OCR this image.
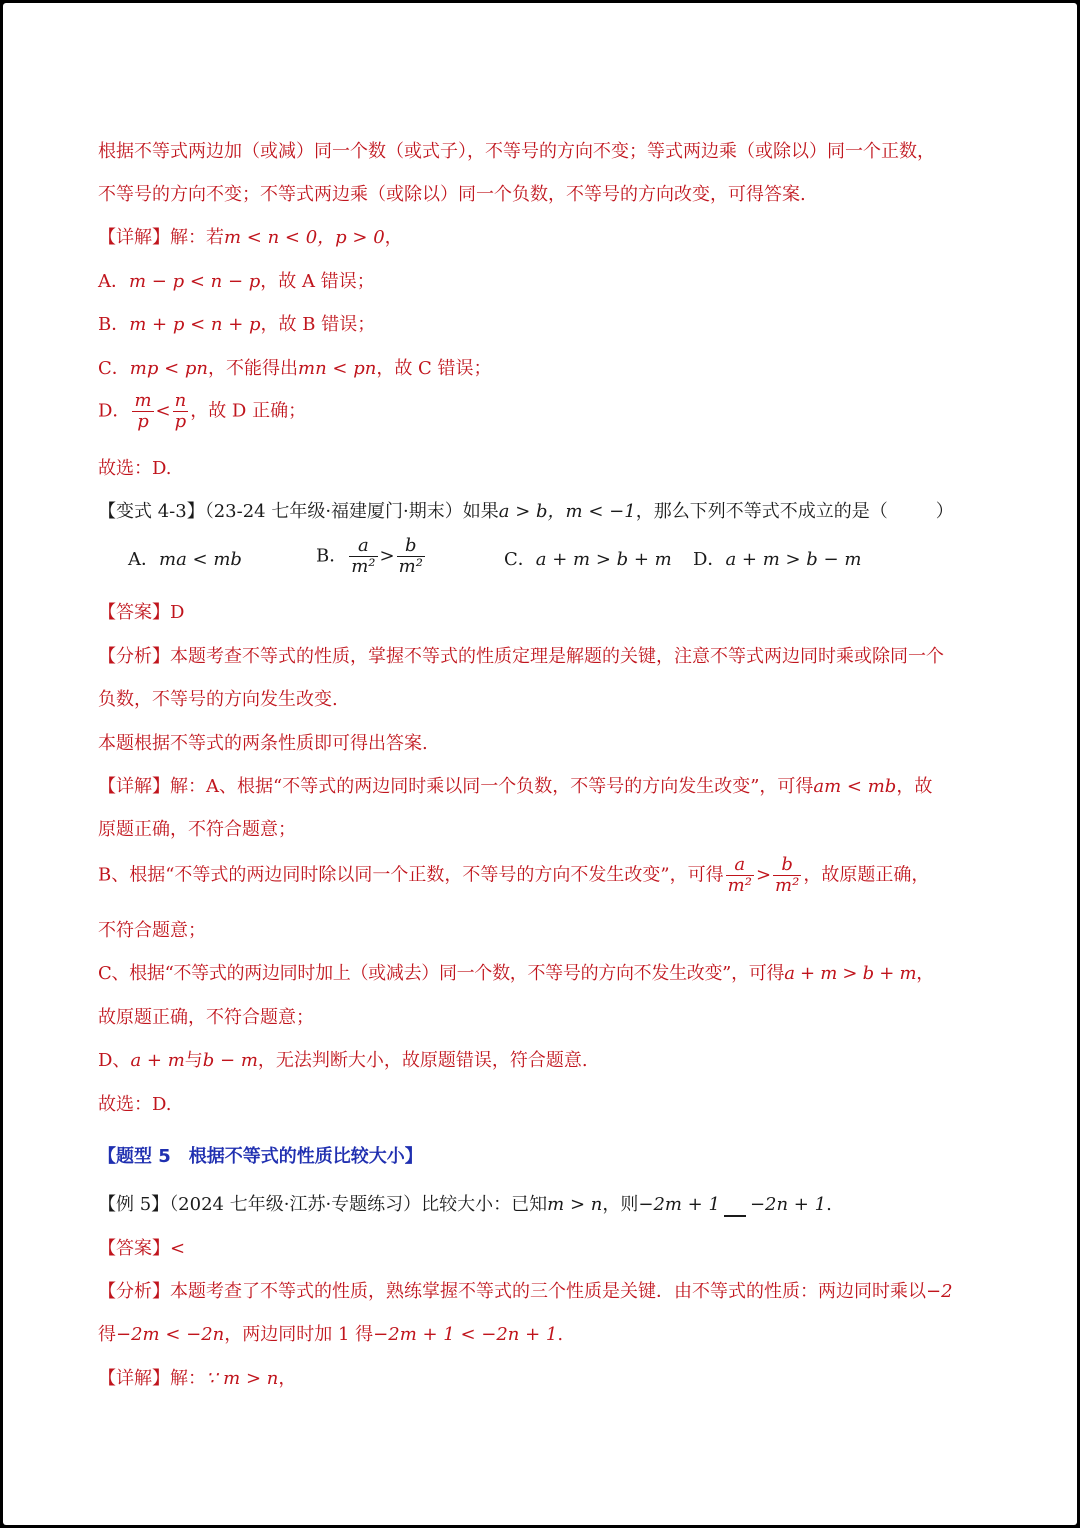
根据不等式两边加（或减）同一个数（或式子），不等号的方向不变；等式两边乘（或除以）同一个正数，
不等号的方向不变；不等式两边乘（或除以）同一个负数，不等号的方向改变，可得答案.
【详解】解：若m < n < 0，p > 0，
A．m − p < n − p，故 A 错误；
B．m + p < n + p，故 B 错误；
C．mp < pn，不能得出mn < pn，故 C 错误；
D． $\frac{m}{p} < \frac{n}{p}$ ，故 D 正确；
故选：D.
【变式 4-3】（23-24 七年级·福建厦门·期末）如果a > b，m < −1，那么下列不等式不成立的是（	）
A．ma < mb	B． $\frac{a}{\text{m²}} > \frac{b}{\text{m²}}$	C．a + m > b + m D．a + m > b − m
【答案】D
【分析】本题考查不等式的性质，掌握不等式的性质定理是解题的关键，注意不等式两边同时乘或除同一个
负数，不等号的方向发生改变.
本题根据不等式的两条性质即可得出答案.
【详解】解：A、根据“不等式的两边同时乘以同一个负数，不等号的方向发生改变”，可得am < mb，故
原题正确，不符合题意；
B、根据“不等式的两边同时除以同一个正数，不等号的方向不发生改变”，可得 $\frac{a}{\text{m²}} > \frac{b}{\text{m²}}$ ，故原题正确，
不符合题意；
C、根据“不等式的两边同时加上（或减去）同一个数，不等号的方向不发生改变”，可得a + m > b + m，
故原题正确，不符合题意；
D、a + m与b − m，无法判断大小，故原题错误，符合题意.
故选：D.
【题型 5　根据不等式的性质比较大小】
【例 5】（2024 七年级·江苏·专题练习）比较大小：已知m > n，则−2m + 1 −2n + 1.
【答案】<
【分析】本题考查了不等式的性质，熟练掌握不等式的三个性质是关键．由不等式的性质：两边同时乘以−2
得−2m < −2n，两边同时加 1 得−2m + 1 < −2n + 1.
【详解】解：∵ m > n，
